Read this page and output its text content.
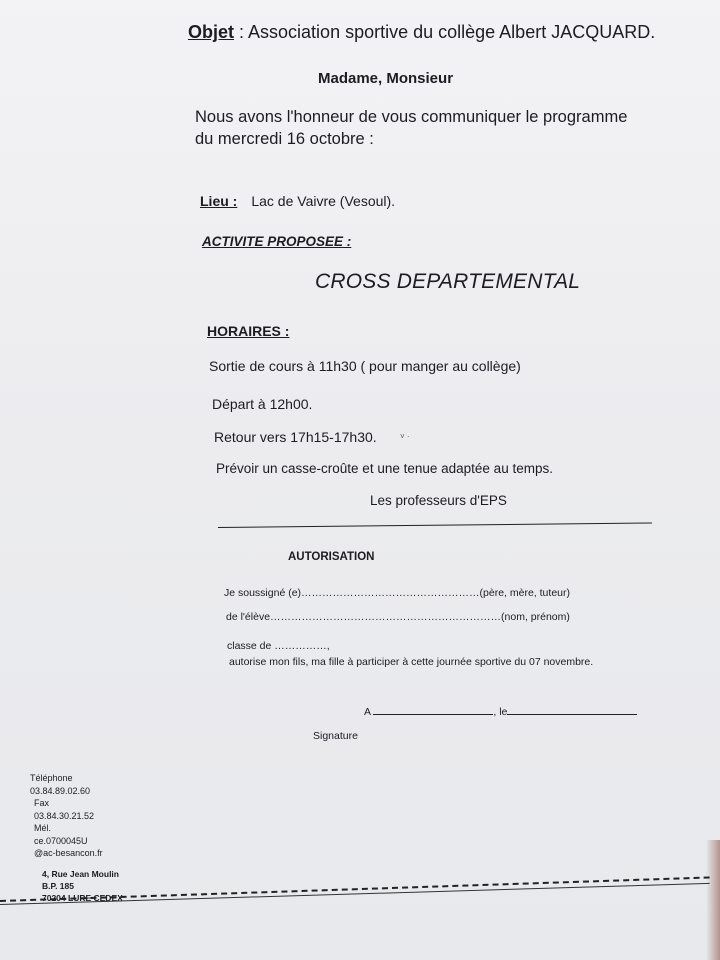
Objet : Association sportive du collège Albert JACQUARD.
Madame, Monsieur
Nous avons l'honneur de vous communiquer le programme
du mercredi 16 octobre :
Lieu : Lac de Vaivre (Vesoul).
ACTIVITE PROPOSEE :
CROSS DEPARTEMENTAL
HORAIRES :
Sortie de cours à 11h30 ( pour manger au collège)
Départ à 12h00.
Retour vers 17h15-17h30.	˅ ·
Prévoir un casse-croûte et une tenue adaptée au temps.
Les professeurs d'EPS
AUTORISATION
Je soussigné (e)……………………………………………(père, mère, tuteur)
de l'élève…………………………………………………………(nom, prénom)
classe de ……………,
autorise mon fils, ma fille à participer à cette journée sportive du 07 novembre.
A	, le
Signature
Téléphone
03.84.89.02.60
Fax
03.84.30.21.52
Mél.
ce.0700045U
@ac-besancon.fr
4, Rue Jean Moulin
B.P. 185
70204 LURE CEDEX
